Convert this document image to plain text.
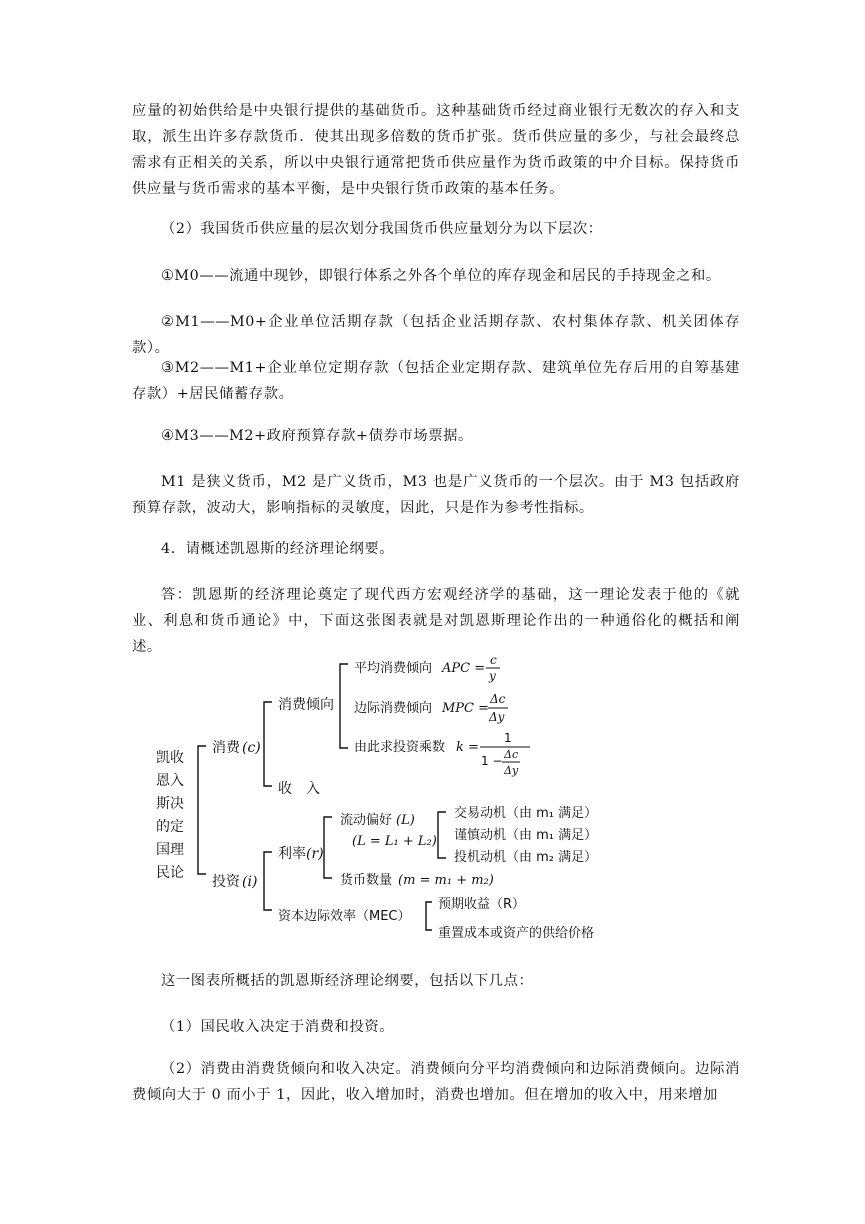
应量的初始供给是中央银行提供的基础货币。这种基础货币经过商业银行无数次的存入和支取，派生出许多存款货币．使其出现多倍数的货币扩张。货币供应量的多少，与社会最终总需求有正相关的关系，所以中央银行通常把货币供应量作为货币政策的中介目标。保持货币供应量与货币需求的基本平衡，是中央银行货币政策的基本任务。

（2）我国货币供应量的层次划分我国货币供应量划分为以下层次：

①M0——流通中现钞，即银行体系之外各个单位的库存现金和居民的手持现金之和。

②M1——M0+企业单位活期存款（包括企业活期存款、农村集体存款、机关团体存款）。

③M2——M1+企业单位定期存款（包括企业定期存款、建筑单位先存后用的自筹基建存款）+居民储蓄存款。

④M3——M2+政府预算存款+债券市场票据。

M1 是狭义货币，M2 是广义货币，M3 也是广义货币的一个层次。由于 M3 包括政府预算存款，波动大，影响指标的灵敏度，因此，只是作为参考性指标。

4．请概述凯恩斯的经济理论纲要。

答：凯恩斯的经济理论奠定了现代西方宏观经济学的基础，这一理论发表于他的《就业、利息和货币通论》中，下面这张图表就是对凯恩斯理论作出的一种通俗化的概括和阐述。

凯收
恩入
斯决
的定
国理
民论
消费 (c)
消费倾向
平均消费倾向 APC =
c
y
边际消费倾向 MPC =
Δc
Δy
由此求投资乘数 k =
1
1 − Δc
Δy
收　入
投资 (i)
利率 (r)
流动偏好 (L)
(L = L₁ + L₂)
交易动机（由 m₁ 满足）
谨慎动机（由 m₁ 满足）
投机动机（由 m₂ 满足）
货币数量 (m = m₁ + m₂)
资本边际效率（MEC）
预期收益（R）
重置成本或资产的供给价格

这一图表所概括的凯恩斯经济理论纲要，包括以下几点：

（1）国民收入决定于消费和投资。

（2）消费由消费货倾向和收入决定。消费倾向分平均消费倾向和边际消费倾向。边际消费倾向大于 0 而小于 1，因此，收入增加时，消费也增加。但在增加的收入中，用来增加
